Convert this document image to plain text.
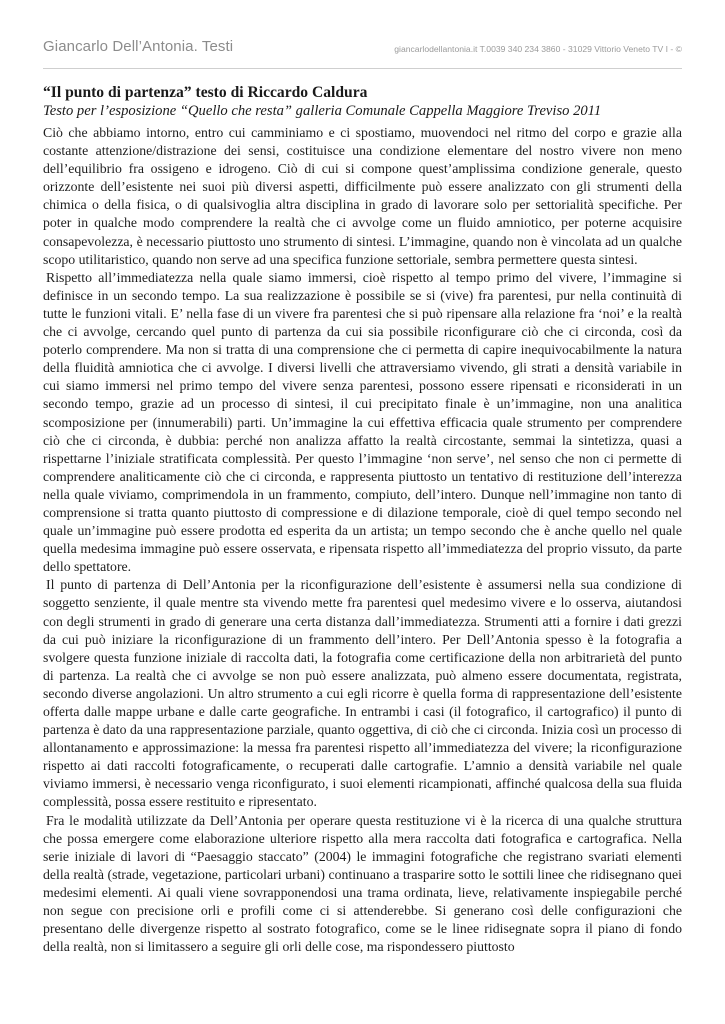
Giancarlo Dell’Antonia. Testi	giancarlodellantonia.it T.0039 340 234 3860 - 31029 Vittorio Veneto TV I - ©
“Il punto di partenza” testo di Riccardo Caldura

Testo per l’esposizione “Quello che resta” galleria Comunale Cappella Maggiore Treviso 2011

Ciò che abbiamo intorno, entro cui camminiamo e ci spostiamo, muovendoci nel ritmo del corpo e grazie alla costante attenzione/distrazione dei sensi, costituisce una condizione elementare del nostro vivere non meno dell’equilibrio fra ossigeno e idrogeno. Ciò di cui si compone quest’amplissima condizione generale, questo orizzonte dell’esistente nei suoi più diversi aspetti, difficilmente può essere analizzato con gli strumenti della chimica o della fisica, o di qualsivoglia altra disciplina in grado di lavorare solo per settorialità specifiche. Per poter in qualche modo comprendere la realtà che ci avvolge come un fluido amniotico, per poterne acquisire consapevolezza, è necessario piuttosto uno strumento di sintesi. L’immagine, quando non è vincolata ad un qualche scopo utilitaristico, quando non serve ad una specifica funzione settoriale, sembra permettere questa sintesi.

Rispetto all’immediatezza nella quale siamo immersi, cioè rispetto al tempo primo del vivere, l’immagine si definisce in un secondo tempo. La sua realizzazione è possibile se si (vive) fra parentesi, pur nella continuità di tutte le funzioni vitali. E’ nella fase di un vivere fra parentesi che si può ripensare alla relazione fra ‘noi’ e la realtà che ci avvolge, cercando quel punto di partenza da cui sia possibile riconfigurare ciò che ci circonda, così da poterlo comprendere. Ma non si tratta di una comprensione che ci permetta di capire inequivocabilmente la natura della fluidità amniotica che ci avvolge. I diversi livelli che attraversiamo vivendo, gli strati a densità variabile in cui siamo immersi nel primo tempo del vivere senza parentesi, possono essere ripensati e riconsiderati in un secondo tempo, grazie ad un processo di sintesi, il cui precipitato finale è un’immagine, non una analitica scomposizione per (innumerabili) parti. Un’immagine la cui effettiva efficacia quale strumento per comprendere ciò che ci circonda, è dubbia: perché non analizza affatto la realtà circostante, semmai la sintetizza, quasi a rispettarne l’iniziale stratificata complessità. Per questo l’immagine ‘non serve’, nel senso che non ci permette di comprendere analiticamente ciò che ci circonda, e rappresenta piuttosto un tentativo di restituzione dell’interezza nella quale viviamo, comprimendola in un frammento, compiuto, dell’intero. Dunque nell’immagine non tanto di comprensione si tratta quanto piuttosto di compressione e di dilazione temporale, cioè di quel tempo secondo nel quale un’immagine può essere prodotta ed esperita da un artista; un tempo secondo che è anche quello nel quale quella medesima immagine può essere osservata, e ripensata rispetto all’immediatezza del proprio vissuto, da parte dello spettatore.

Il punto di partenza di Dell’Antonia per la riconfigurazione dell’esistente è assumersi nella sua condizione di soggetto senziente, il quale mentre sta vivendo mette fra parentesi quel medesimo vivere e lo osserva, aiutandosi con degli strumenti in grado di generare una certa distanza dall’immediatezza. Strumenti atti a fornire i dati grezzi da cui può iniziare la riconfigurazione di un frammento dell’intero. Per Dell’Antonia spesso è la fotografia a svolgere questa funzione iniziale di raccolta dati, la fotografia come certificazione della non arbitrarietà del punto di partenza. La realtà che ci avvolge se non può essere analizzata, può almeno essere documentata, registrata, secondo diverse angolazioni. Un altro strumento a cui egli ricorre è quella forma di rappresentazione dell’esistente offerta dalle mappe urbane e dalle carte geografiche. In entrambi i casi (il fotografico, il cartografico) il punto di partenza è dato da una rappresentazione parziale, quanto oggettiva, di ciò che ci circonda. Inizia così un processo di allontanamento e approssimazione: la messa fra parentesi rispetto all’immediatezza del vivere; la riconfigurazione rispetto ai dati raccolti fotograficamente, o recuperati dalle cartografie. L’amnio a densità variabile nel quale viviamo immersi, è necessario venga riconfigurato, i suoi elementi ricampionati, affinché qualcosa della sua fluida complessità, possa essere restituito e ripresentato.

Fra le modalità utilizzate da Dell’Antonia per operare questa restituzione vi è la ricerca di una qualche struttura che possa emergere come elaborazione ulteriore rispetto alla mera raccolta dati fotografica e cartografica. Nella serie iniziale di lavori di “Paesaggio staccato” (2004) le immagini fotografiche che registrano svariati elementi della realtà (strade, vegetazione, particolari urbani) continuano a trasparire sotto le sottili linee che ridisegnano quei medesimi elementi. Ai quali viene sovrapponendosi una trama ordinata, lieve, relativamente inspiegabile perché non segue con precisione orli e profili come ci si attenderebbe. Si generano così delle configurazioni che presentano delle divergenze rispetto al sostrato fotografico, come se le linee ridisegnate sopra il piano di fondo della realtà, non si limitassero a seguire gli orli delle cose, ma rispondessero piuttosto
